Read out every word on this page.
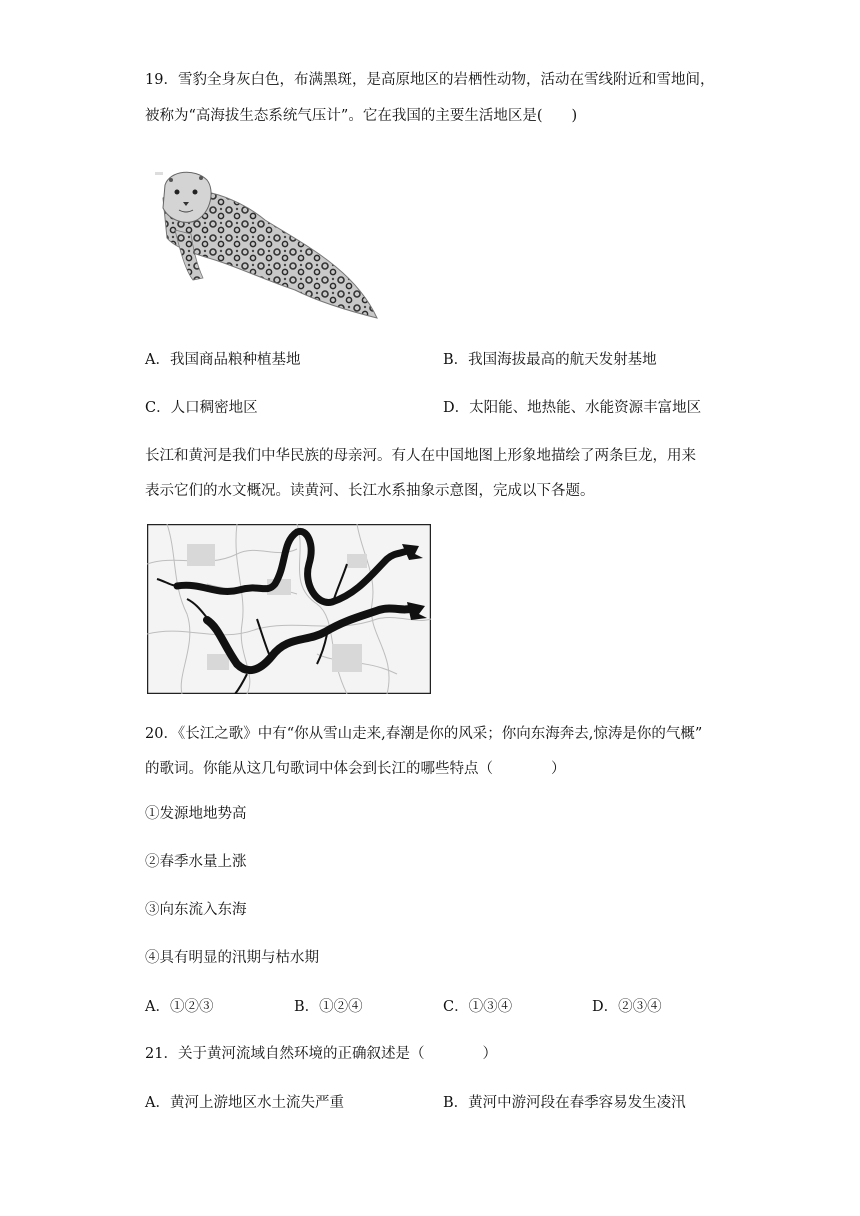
19．雪豹全身灰白色，布满黑斑，是高原地区的岩栖性动物，活动在雪线附近和雪地间，
被称为“高海拔生态系统气压计”。它在我国的主要生活地区是(　　)
A．我国商品粮种植基地	B．我国海拔最高的航天发射基地
C．人口稠密地区	D．太阳能、地热能、水能资源丰富地区
长江和黄河是我们中华民族的母亲河。有人在中国地图上形象地描绘了两条巨龙，用来
表示它们的水文概况。读黄河、长江水系抽象示意图，完成以下各题。
20．《长江之歌》中有“你从雪山走来,春潮是你的风采；你向东海奔去,惊涛是你的气概”
的歌词。你能从这几句歌词中体会到长江的哪些特点（　　　　）
①发源地地势高
②春季水量上涨
③向东流入东海
④具有明显的汛期与枯水期
A．①②③	B．①②④	C．①③④	D．②③④
21．关于黄河流域自然环境的正确叙述是（　　　　）
A．黄河上游地区水土流失严重	B．黄河中游河段在春季容易发生凌汛
